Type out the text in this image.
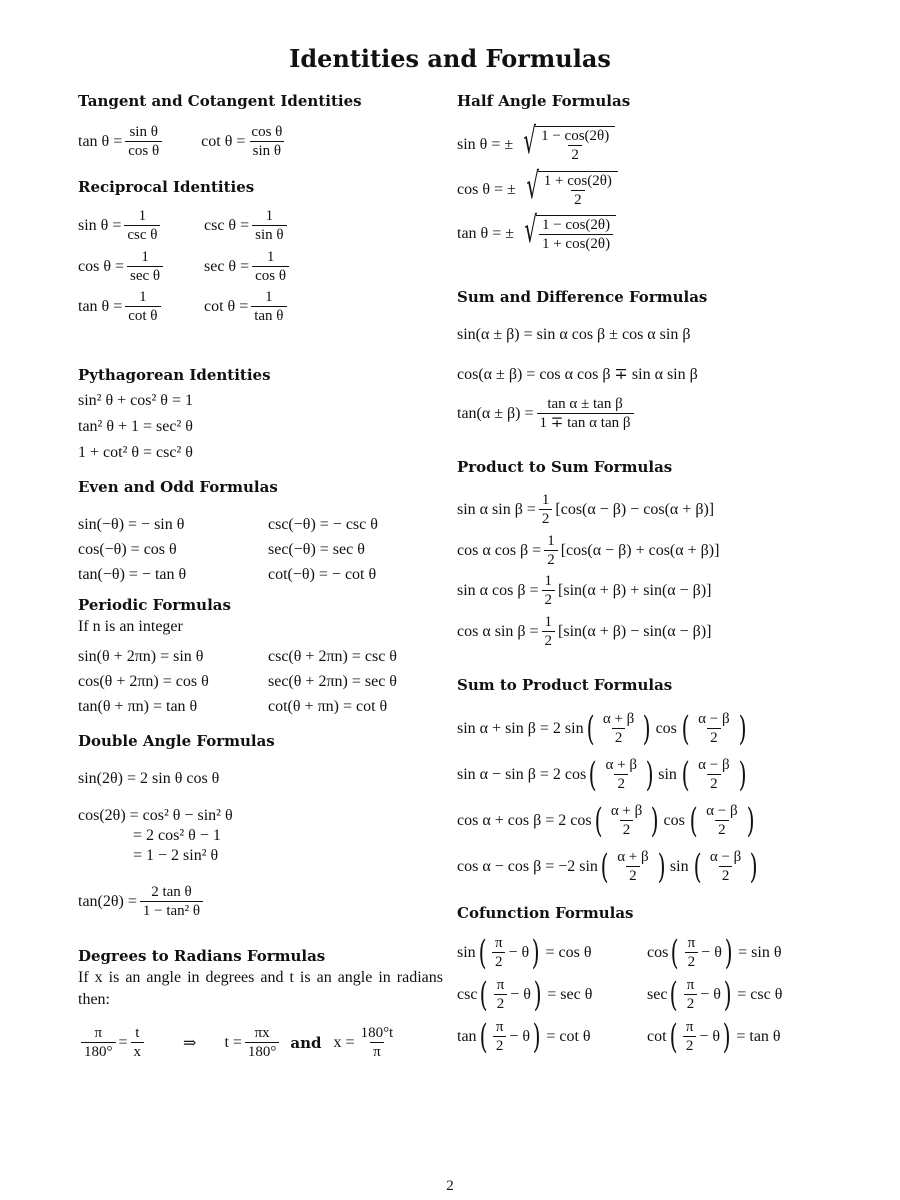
Identities and Formulas
Tangent and Cotangent Identities
$\tan \theta = \frac{\text{sin θ}}{\text{cos θ}}$ $\cot \theta = \frac{\text{cos θ}}{\text{sin θ}}$
Reciprocal Identities
$\sin \theta = \frac{1}{\text{csc θ}}$	$\csc \theta = \frac{1}{\text{sin θ}}$
$\cos \theta = \frac{1}{\text{sec θ}}$	$\sec \theta = \frac{1}{\text{cos θ}}$
$\tan \theta = \frac{1}{\text{cot θ}}$	$\cot \theta = \frac{1}{\text{tan θ}}$
Pythagorean Identities
sin² θ + cos² θ = 1
tan² θ + 1 = sec² θ
1 + cot² θ = csc² θ
Even and Odd Formulas
sin(−θ) = − sin θ	csc(−θ) = − csc θ
cos(−θ) = cos θ	sec(−θ) = sec θ
tan(−θ) = − tan θ	cot(−θ) = − cot θ
Periodic Formulas
If n is an integer
sin(θ + 2πn) = sin θ	csc(θ + 2πn) = csc θ
cos(θ + 2πn) = cos θ	sec(θ + 2πn) = sec θ
tan(θ + πn) = tan θ	cot(θ + πn) = cot θ
Double Angle Formulas
sin(2θ) = 2 sin θ cos θ
cos(2θ) = cos² θ − sin² θ
= 2 cos² θ − 1
= 1 − 2 sin² θ
$\tan(2\theta) = \frac{\text{2 tan θ}}{\text{1 − tan² θ}}$
Degrees to Radians Formulas
If x is an angle in degrees and t is an angle in radians then:
$\frac{\pi}{180^\circ} = \frac{t}{x}$ ⇒ $t = \frac{\pi x}{180^\circ}$ and $x = \frac{180^\circ t}{\pi}$
Half Angle Formulas
sin θ = ± √ $\frac{1 - \cos(2\theta)}{2}$
cos θ = ± √ $\frac{1 + \cos(2\theta)}{2}$
tan θ = ± √ $\frac{1 - \cos(2\theta)}{1 + \cos(2\theta)}$
Sum and Difference Formulas
sin(α ± β) = sin α cos β ± cos α sin β
cos(α ± β) = cos α cos β ∓ sin α sin β
$\tan(\alpha \pm \beta) = \frac{\text{tan α ± tan β}}{\text{1 ∓ tan α tan β}}$
Product to Sum Formulas
sin α $\sin \beta = \frac{1}{2} [\cos(\alpha - \beta) - \cos(\alpha + \beta)]$
cos α $\cos \beta = \frac{1}{2} [\cos(\alpha - \beta) + \cos(\alpha + \beta)]$
sin α $\cos \beta = \frac{1}{2} [\sin(\alpha + \beta) + \sin(\alpha - \beta)]$
cos α $\sin \beta = \frac{1}{2} [\sin(\alpha + \beta) - \sin(\alpha - \beta)]$
Sum to Product Formulas
sin α + sin β = 2 sin ( $\frac{\alpha + \beta}{2}$ ) cos ( $\frac{\alpha - \beta}{2}$ )
sin α − sin β = 2 cos ( $\frac{\alpha + \beta}{2}$ ) sin ( $\frac{\alpha - \beta}{2}$ )
cos α + cos β = 2 cos ( $\frac{\alpha + \beta}{2}$ ) cos ( $\frac{\alpha - \beta}{2}$ )
cos α − cos β = −2 sin ( $\frac{\alpha + \beta}{2}$ ) sin ( $\frac{\alpha - \beta}{2}$ )
Cofunction Formulas
sin ( $\frac{\pi}{2} - \theta$ ) = cos θ	cos ( $\frac{\pi}{2} - \theta$ ) = sin θ
csc ( $\frac{\pi}{2} - \theta$ ) = sec θ	sec ( $\frac{\pi}{2} - \theta$ ) = csc θ
tan ( $\frac{\pi}{2} - \theta$ ) = cot θ	cot ( $\frac{\pi}{2} - \theta$ ) = tan θ
2
